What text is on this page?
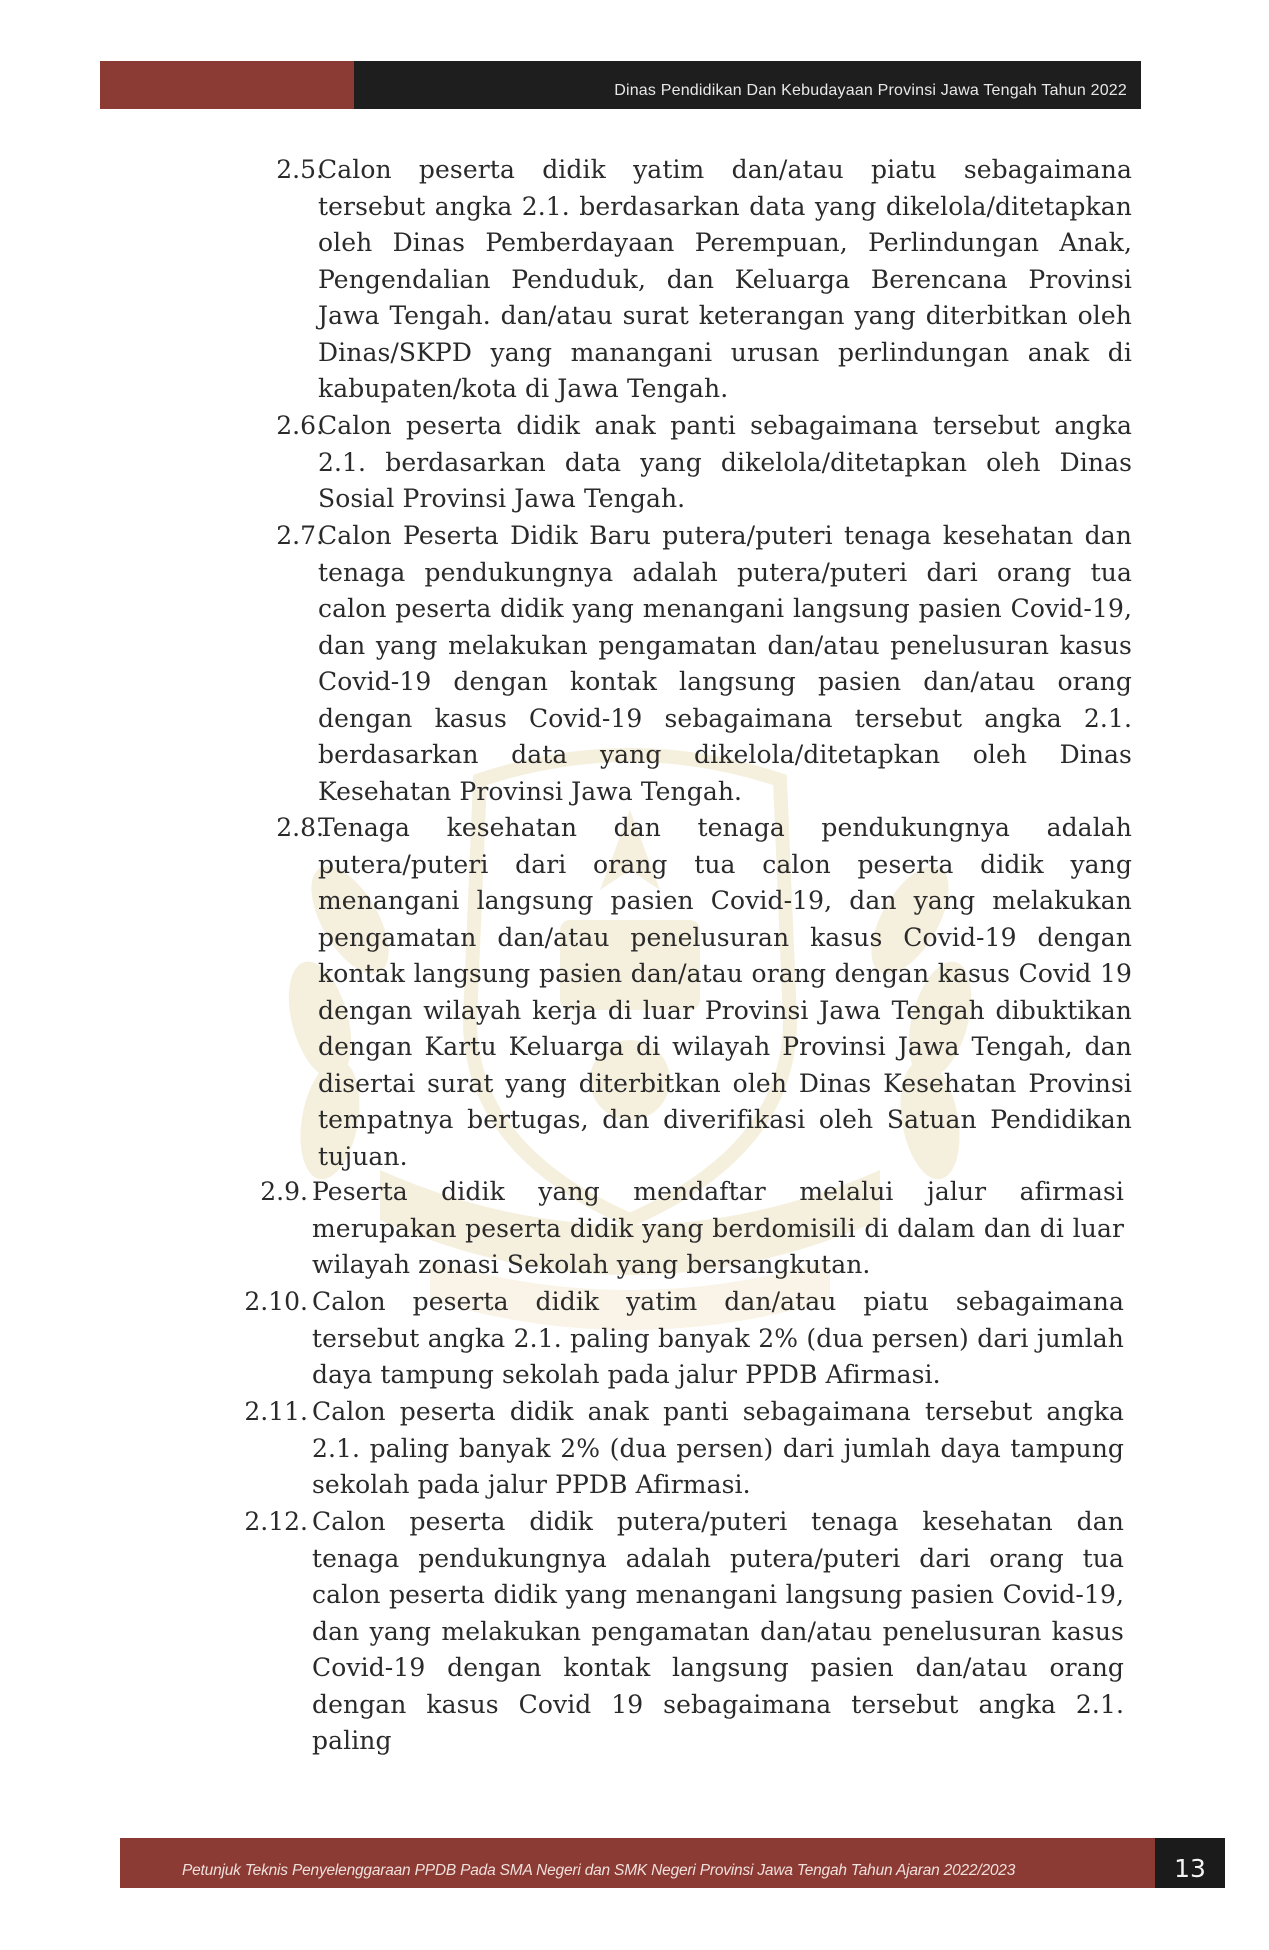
Dinas Pendidikan Dan Kebudayaan Provinsi Jawa Tengah Tahun 2022
2.5.

Calon peserta didik yatim dan/atau piatu sebagaimana tersebut angka 2.1. berdasarkan data yang dikelola/ditetapkan oleh Dinas Pemberdayaan Perempuan, Perlindungan Anak, Pengendalian Penduduk, dan Keluarga Berencana Provinsi Jawa Tengah. dan/atau surat keterangan yang diterbitkan oleh Dinas/SKPD yang manangani urusan perlindungan anak di kabupaten/kota di Jawa Tengah.

2.6.

Calon peserta didik anak panti sebagaimana tersebut angka 2.1. berdasarkan data yang dikelola/ditetapkan oleh Dinas Sosial Provinsi Jawa Tengah.

2.7.

Calon Peserta Didik Baru putera/puteri tenaga kesehatan dan tenaga pendukungnya adalah putera/puteri dari orang tua calon peserta didik yang menangani langsung pasien Covid-19, dan yang melakukan pengamatan dan/atau penelusuran kasus Covid-19 dengan kontak langsung pasien dan/atau orang dengan kasus Covid-19 sebagaimana tersebut angka 2.1. berdasarkan data yang dikelola/ditetapkan oleh Dinas Kesehatan Provinsi Jawa Tengah.

2.8.

Tenaga kesehatan dan tenaga pendukungnya adalah putera/puteri dari orang tua calon peserta didik yang menangani langsung pasien Covid-19, dan yang melakukan pengamatan dan/atau penelusuran kasus Covid-19 dengan kontak langsung pasien dan/atau orang dengan kasus Covid 19 dengan wilayah kerja di luar Provinsi Jawa Tengah dibuktikan dengan Kartu Keluarga di wilayah Provinsi Jawa Tengah, dan disertai surat yang diterbitkan oleh Dinas Kesehatan Provinsi tempatnya bertugas, dan diverifikasi oleh Satuan Pendidikan tujuan.

2.9. Peserta didik yang mendaftar melalui jalur afirmasi merupakan peserta didik yang berdomisili di dalam dan di luar wilayah zonasi Sekolah yang bersangkutan.

2.10. Calon peserta didik yatim dan/atau piatu sebagaimana tersebut angka 2.1. paling banyak 2% (dua persen) dari jumlah daya tampung sekolah pada jalur PPDB Afirmasi.

2.11. Calon peserta didik anak panti sebagaimana tersebut angka 2.1. paling banyak 2% (dua persen) dari jumlah daya tampung sekolah pada jalur PPDB Afirmasi.

2.12. Calon peserta didik putera/puteri tenaga kesehatan dan tenaga pendukungnya adalah putera/puteri dari orang tua calon peserta didik yang menangani langsung pasien Covid-19, dan yang melakukan pengamatan dan/atau penelusuran kasus Covid-19 dengan kontak langsung pasien dan/atau orang dengan kasus Covid 19 sebagaimana tersebut angka 2.1. paling

Petunjuk Teknis Penyelenggaraan PPDB Pada SMA Negeri dan SMK Negeri Provinsi Jawa Tengah Tahun Ajaran 2022/2023	13
